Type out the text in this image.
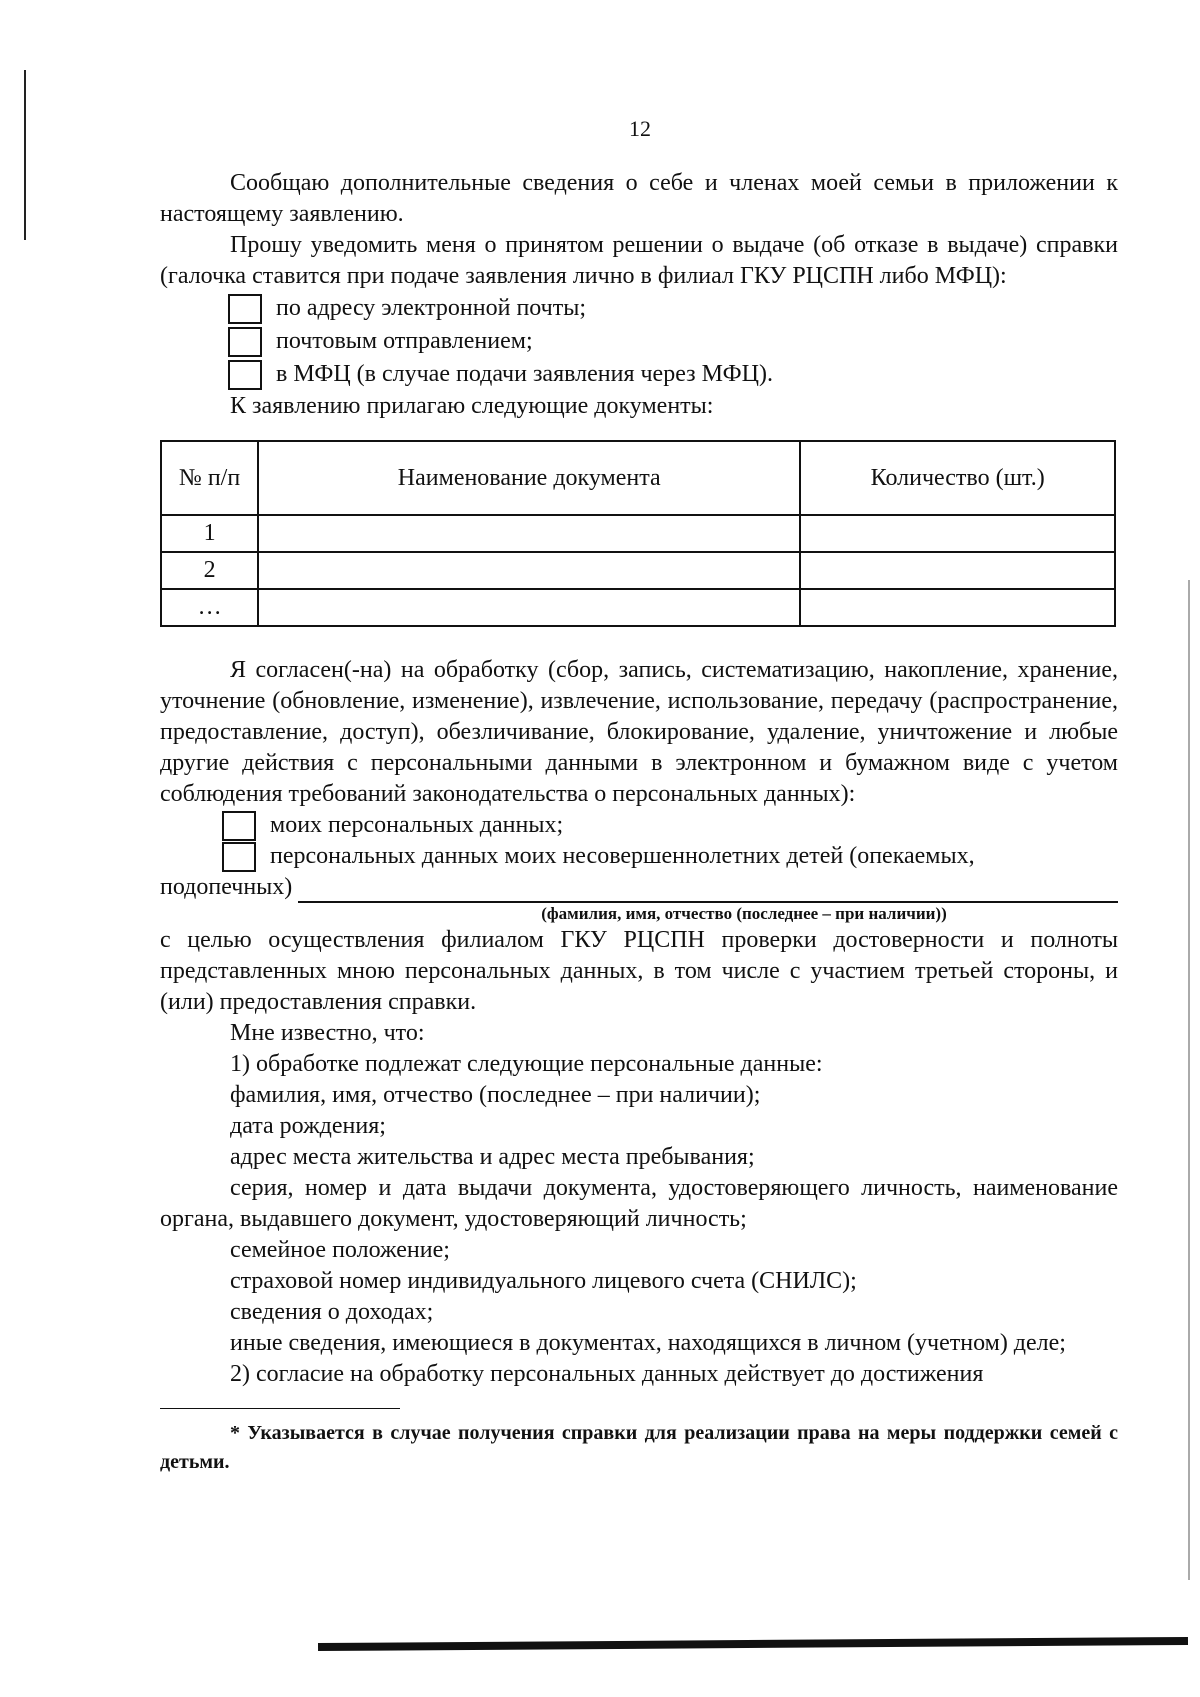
12

Сообщаю дополнительные сведения о себе и членах моей семьи в приложении к настоящему заявлению.

Прошу уведомить меня о принятом решении о выдаче (об отказе в выдаче) справки (галочка ставится при подаче заявления лично в филиал ГКУ РЦСПН либо МФЦ):

по адресу электронной почты;
почтовым отправлением;
в МФЦ (в случае подачи заявления через МФЦ).

К заявлению прилагаю следующие документы:

№ п/п	Наименование документа	Количество (шт.)
1		
2		
…		

Я согласен(-на) на обработку (сбор, запись, систематизацию, накопление, хранение, уточнение (обновление, изменение), извлечение, использование, передачу (распространение, предоставление, доступ), обезличивание, блокирование, удаление, уничтожение и любые другие действия с персональными данными в электронном и бумажном виде с учетом соблюдения требований законодательства о персональных данных):

моих персональных данных;
персональных данных моих несовершеннолетних детей (опекаемых,
подопечных)
(фамилия, имя, отчество (последнее – при наличии))

с целью осуществления филиалом ГКУ РЦСПН проверки достоверности и полноты представленных мною персональных данных, в том числе с участием третьей стороны, и (или) предоставления справки.

Мне известно, что:

1) обработке подлежат следующие персональные данные:

фамилия, имя, отчество (последнее – при наличии);

дата рождения;

адрес места жительства и адрес места пребывания;

серия, номер и дата выдачи документа, удостоверяющего личность, наименование органа, выдавшего документ, удостоверяющий личность;

семейное положение;

страховой номер индивидуального лицевого счета (СНИЛС);

сведения о доходах;

иные сведения, имеющиеся в документах, находящихся в личном (учетном) деле;

2) согласие на обработку персональных данных действует до достижения

* Указывается в случае получения справки для реализации права на меры поддержки семей с детьми.
